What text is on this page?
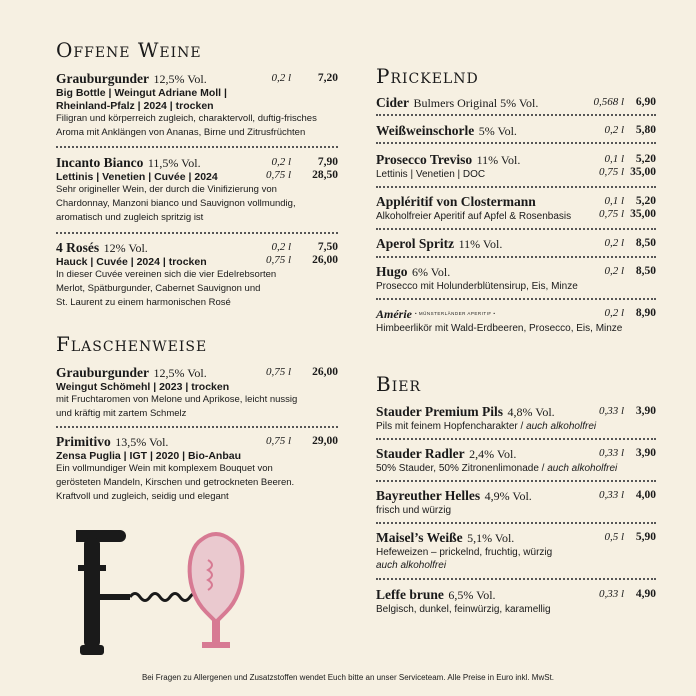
Offene Weine
Grauburgunder 12,5% Vol.	0,2 l 7,20
Big Bottle | Weingut Adriane Moll |
Rheinland-Pfalz | 2024 | trocken
Filigran und körperreich zugleich, charaktervoll, duftig-frisches
Aroma mit Anklängen von Ananas, Birne und Zitrusfrüchten
Incanto Bianco 11,5% Vol.	0,2 l 7,90
Lettinis | Venetien | Cuvée | 2024	0,75 l 28,50
Sehr origineller Wein, der durch die Vinifizierung von
Chardonnay, Manzoni bianco und Sauvignon vollmundig,
aromatisch und zugleich spritzig ist
4 Rosés 12% Vol.	0,2 l 7,50
Hauck | Cuvée | 2024 | trocken	0,75 l 26,00
In dieser Cuvée vereinen sich die vier Edelrebsorten
Merlot, Spätburgunder, Cabernet Sauvignon und
St. Laurent zu einem harmonischen Rosé
Flaschenweise
Grauburgunder 12,5% Vol.	0,75 l 26,00
Weingut Schömehl | 2023 | trocken
mit Fruchtaromen von Melone und Aprikose, leicht nussig
und kräftig mit zartem Schmelz
Primitivo 13,5% Vol.	0,75 l 29,00
Zensa Puglia | IGT | 2020 | Bio-Anbau
Ein vollmundiger Wein mit komplexem Bouquet von
gerösteten Mandeln, Kirschen und getrockneten Beeren.
Kraftvoll und zugleich, seidig und elegant
Prickelnd
Cider Bulmers Original 5% Vol.	0,568 l 6,90
Weißweinschorle 5% Vol.	0,2 l 5,80
Prosecco Treviso 11% Vol.	0,1 l 5,20
Lettinis | Venetien | DOC	0,75 l 35,00
Appléritif von Clostermann	0,1 l 5,20
Alkoholfreier Aperitif auf Apfel & Rosenbasis	0,75 l 35,00
Aperol Spritz 11% Vol.	0,2 l 8,50
Hugo 6% Vol.	0,2 l 8,50
Prosecco mit Holunderblütensirup, Eis, Minze
Amérie • MÜNSTERLÄNDER APERITIF •	0,2 l 8,90
Himbeerlikör mit Wald-Erdbeeren, Prosecco, Eis, Minze
Bier
Stauder Premium Pils 4,8% Vol.	0,33 l 3,90
Pils mit feinem Hopfencharakter / auch alkoholfrei
Stauder Radler 2,4% Vol.	0,33 l 3,90
50% Stauder, 50% Zitronenlimonade / auch alkoholfrei
Bayreuther Helles 4,9% Vol.	0,33 l 4,00
frisch und würzig
Maisel’s Weiße 5,1% Vol.	0,5 l 5,90
Hefeweizen – prickelnd, fruchtig, würzig
auch alkoholfrei
Leffe brune 6,5% Vol.	0,33 l 4,90
Belgisch, dunkel, feinwürzig, karamellig
Bei Fragen zu Allergenen und Zusatzstoffen wendet Euch bitte an unser Serviceteam. Alle Preise in Euro inkl. MwSt.
